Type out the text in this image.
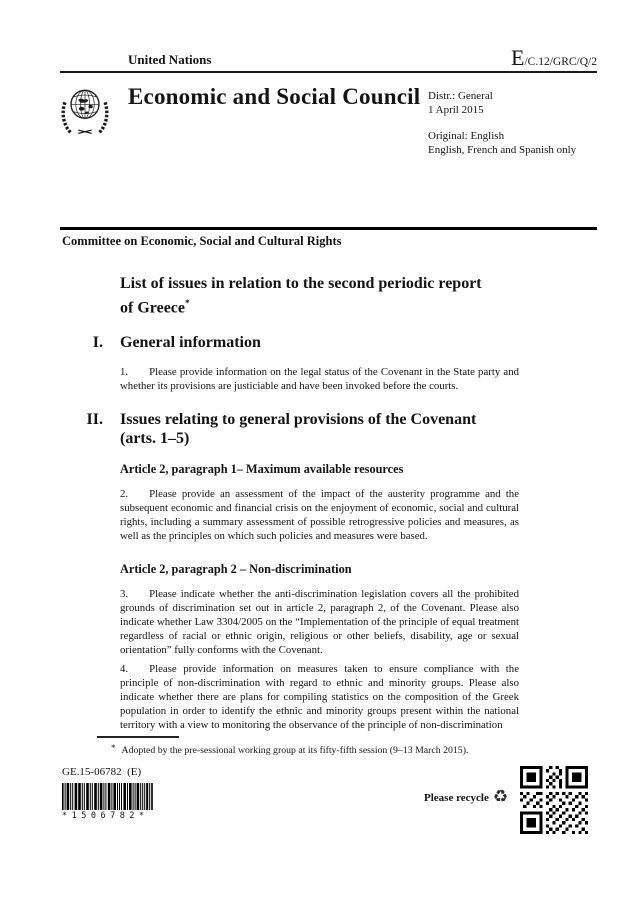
United Nations	E/C.12/GRC/Q/2
Economic and Social Council Distr.: General
1 April 2015
Original: English
English, French and Spanish only
Committee on Economic, Social and Cultural Rights
List of issues in relation to the second periodic report
of Greece*
I.	General information

1. Please provide information on the legal status of the Covenant in the State party and whether its provisions are justiciable and have been invoked before the courts.

II.	Issues relating to general provisions of the Covenant
(arts. 1–5)
Article 2, paragraph 1– Maximum available resources

2. Please provide an assessment of the impact of the austerity programme and the subsequent economic and financial crisis on the enjoyment of economic, social and cultural rights, including a summary assessment of possible retrogressive policies and measures, as well as the principles on which such policies and measures were based.

Article 2, paragraph 2 – Non-discrimination

3. Please indicate whether the anti-discrimination legislation covers all the prohibited grounds of discrimination set out in article 2, paragraph 2, of the Covenant. Please also indicate whether Law 3304/2005 on the “Implementation of the principle of equal treatment regardless of racial or ethnic origin, religious or other beliefs, disability, age or sexual orientation” fully conforms with the Covenant.

4. Please provide information on measures taken to ensure compliance with the principle of non-discrimination with regard to ethnic and minority groups. Please also indicate whether there are plans for compiling statistics on the composition of the Greek population in order to identify the ethnic and minority groups present within the national territory with a view to monitoring the observance of the principle of non-discrimination

* Adopted by the pre-sessional working group at its fifty-fifth session (9–13 March 2015).
GE.15-06782  (E)
*1506782*
Please recycle ♻
